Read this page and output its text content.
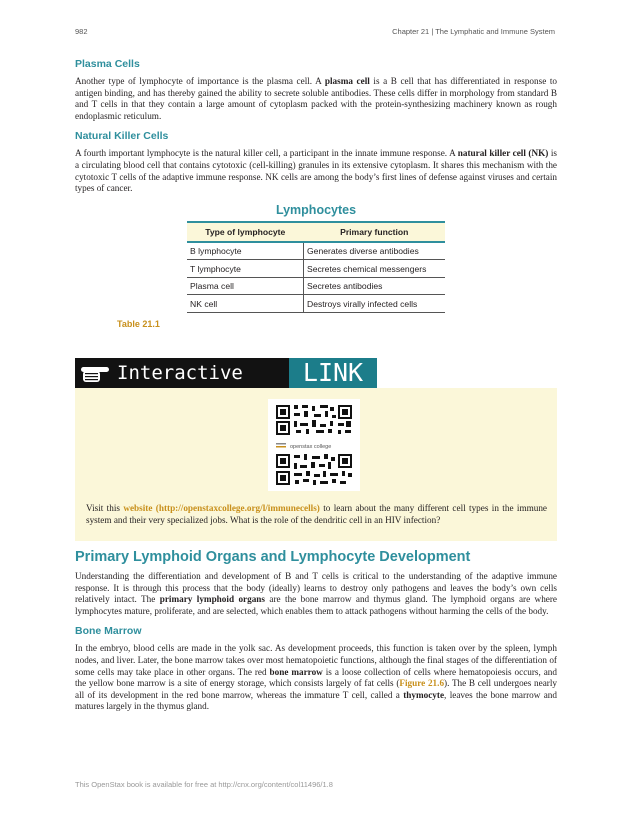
982	Chapter 21 | The Lymphatic and Immune System
Plasma Cells

Another type of lymphocyte of importance is the plasma cell. A plasma cell is a B cell that has differentiated in response to antigen binding, and has thereby gained the ability to secrete soluble antibodies. These cells differ in morphology from standard B and T cells in that they contain a large amount of cytoplasm packed with the protein-synthesizing machinery known as rough endoplasmic reticulum.

Natural Killer Cells

A fourth important lymphocyte is the natural killer cell, a participant in the innate immune response. A natural killer cell (NK) is a circulating blood cell that contains cytotoxic (cell-killing) granules in its extensive cytoplasm. It shares this mechanism with the cytotoxic T cells of the adaptive immune response. NK cells are among the body’s first lines of defense against viruses and certain types of cancer.

Lymphocytes
Type of lymphocyte	Primary function
B lymphocyte	Generates diverse antibodies
T lymphocyte	Secretes chemical messengers
Plasma cell	Secretes antibodies
NK cell	Destroys virally infected cells
Table 21.1
Interactive	LINK
openstax college

Visit this website (http://openstaxcollege.org/l/immunecells) to learn about the many different cell types in the immune system and their very specialized jobs. What is the role of the dendritic cell in an HIV infection?

Primary Lymphoid Organs and Lymphocyte Development

Understanding the differentiation and development of B and T cells is critical to the understanding of the adaptive immune response. It is through this process that the body (ideally) learns to destroy only pathogens and leaves the body’s own cells relatively intact. The primary lymphoid organs are the bone marrow and thymus gland. The lymphoid organs are where lymphocytes mature, proliferate, and are selected, which enables them to attack pathogens without harming the cells of the body.

Bone Marrow

In the embryo, blood cells are made in the yolk sac. As development proceeds, this function is taken over by the spleen, lymph nodes, and liver. Later, the bone marrow takes over most hematopoietic functions, although the final stages of the differentiation of some cells may take place in other organs. The red bone marrow is a loose collection of cells where hematopoiesis occurs, and the yellow bone marrow is a site of energy storage, which consists largely of fat cells (Figure 21.6). The B cell undergoes nearly all of its development in the red bone marrow, whereas the immature T cell, called a thymocyte, leaves the bone marrow and matures largely in the thymus gland.

This OpenStax book is available for free at http://cnx.org/content/col11496/1.8
